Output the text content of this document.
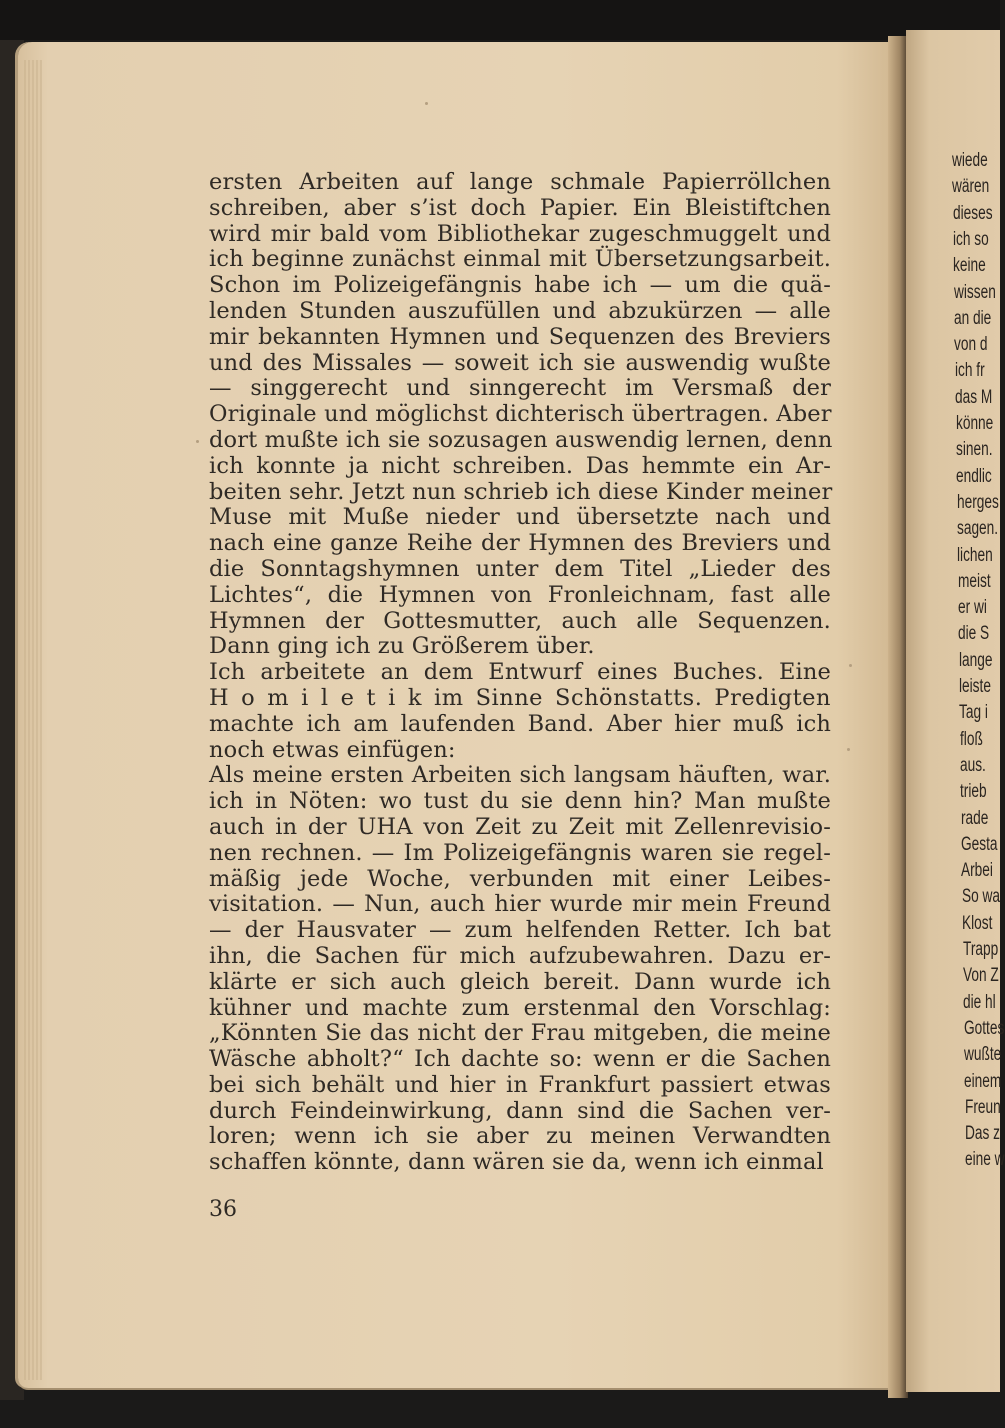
ersten Arbeiten auf lange schmale Papierröllchen
schreiben, aber s’ist doch Papier. Ein Bleistiftchen
wird mir bald vom Bibliothekar zugeschmuggelt und
ich beginne zunächst einmal mit Übersetzungsarbeit.
Schon im Polizeigefängnis habe ich — um die quä-
lenden Stunden auszufüllen und abzukürzen — alle
mir bekannten Hymnen und Sequenzen des Breviers
und des Missales — soweit ich sie auswendig wußte
— singgerecht und sinngerecht im Versmaß der
Originale und möglichst dichterisch übertragen. Aber
dort mußte ich sie sozusagen auswendig lernen, denn
ich konnte ja nicht schreiben. Das hemmte ein Ar-
beiten sehr. Jetzt nun schrieb ich diese Kinder meiner
Muse mit Muße nieder und übersetzte nach und
nach eine ganze Reihe der Hymnen des Breviers und
die Sonntagshymnen unter dem Titel „Lieder des
Lichtes“, die Hymnen von Fronleichnam, fast alle
Hymnen der Gottesmutter, auch alle Sequenzen.
Dann ging ich zu Größerem über.
Ich arbeitete an dem Entwurf eines Buches. Eine
H o m i l e t i k im Sinne Schönstatts. Predigten
machte ich am laufenden Band. Aber hier muß ich
noch etwas einfügen:
Als meine ersten Arbeiten sich langsam häuften, war.
ich in Nöten: wo tust du sie denn hin? Man mußte
auch in der UHA von Zeit zu Zeit mit Zellenrevisio-
nen rechnen. — Im Polizeigefängnis waren sie regel-
mäßig jede Woche, verbunden mit einer Leibes-
visitation. — Nun, auch hier wurde mir mein Freund
— der Hausvater — zum helfenden Retter. Ich bat
ihn, die Sachen für mich aufzubewahren. Dazu er-
klärte er sich auch gleich bereit. Dann wurde ich
kühner und machte zum erstenmal den Vorschlag:
„Könnten Sie das nicht der Frau mitgeben, die meine
Wäsche abholt?“ Ich dachte so: wenn er die Sachen
bei sich behält und hier in Frankfurt passiert etwas
durch Feindeinwirkung, dann sind die Sachen ver-
loren; wenn ich sie aber zu meinen Verwandten
schaffen könnte, dann wären sie da, wenn ich einmal
36
wiede
wären
dieses
ich so
keine
wissen
an die
von d
ich fr
das M
könne
sinen.
endlic
herges
sagen.
lichen
meist
er wi
die S
lange
leiste
Tag i
floß
aus.
trieb
rade
Gesta
Arbei
So wa
Klost
Trapp
Von Z
die hl
Gottes
wußte
einem
Freun
Das z
eine w
